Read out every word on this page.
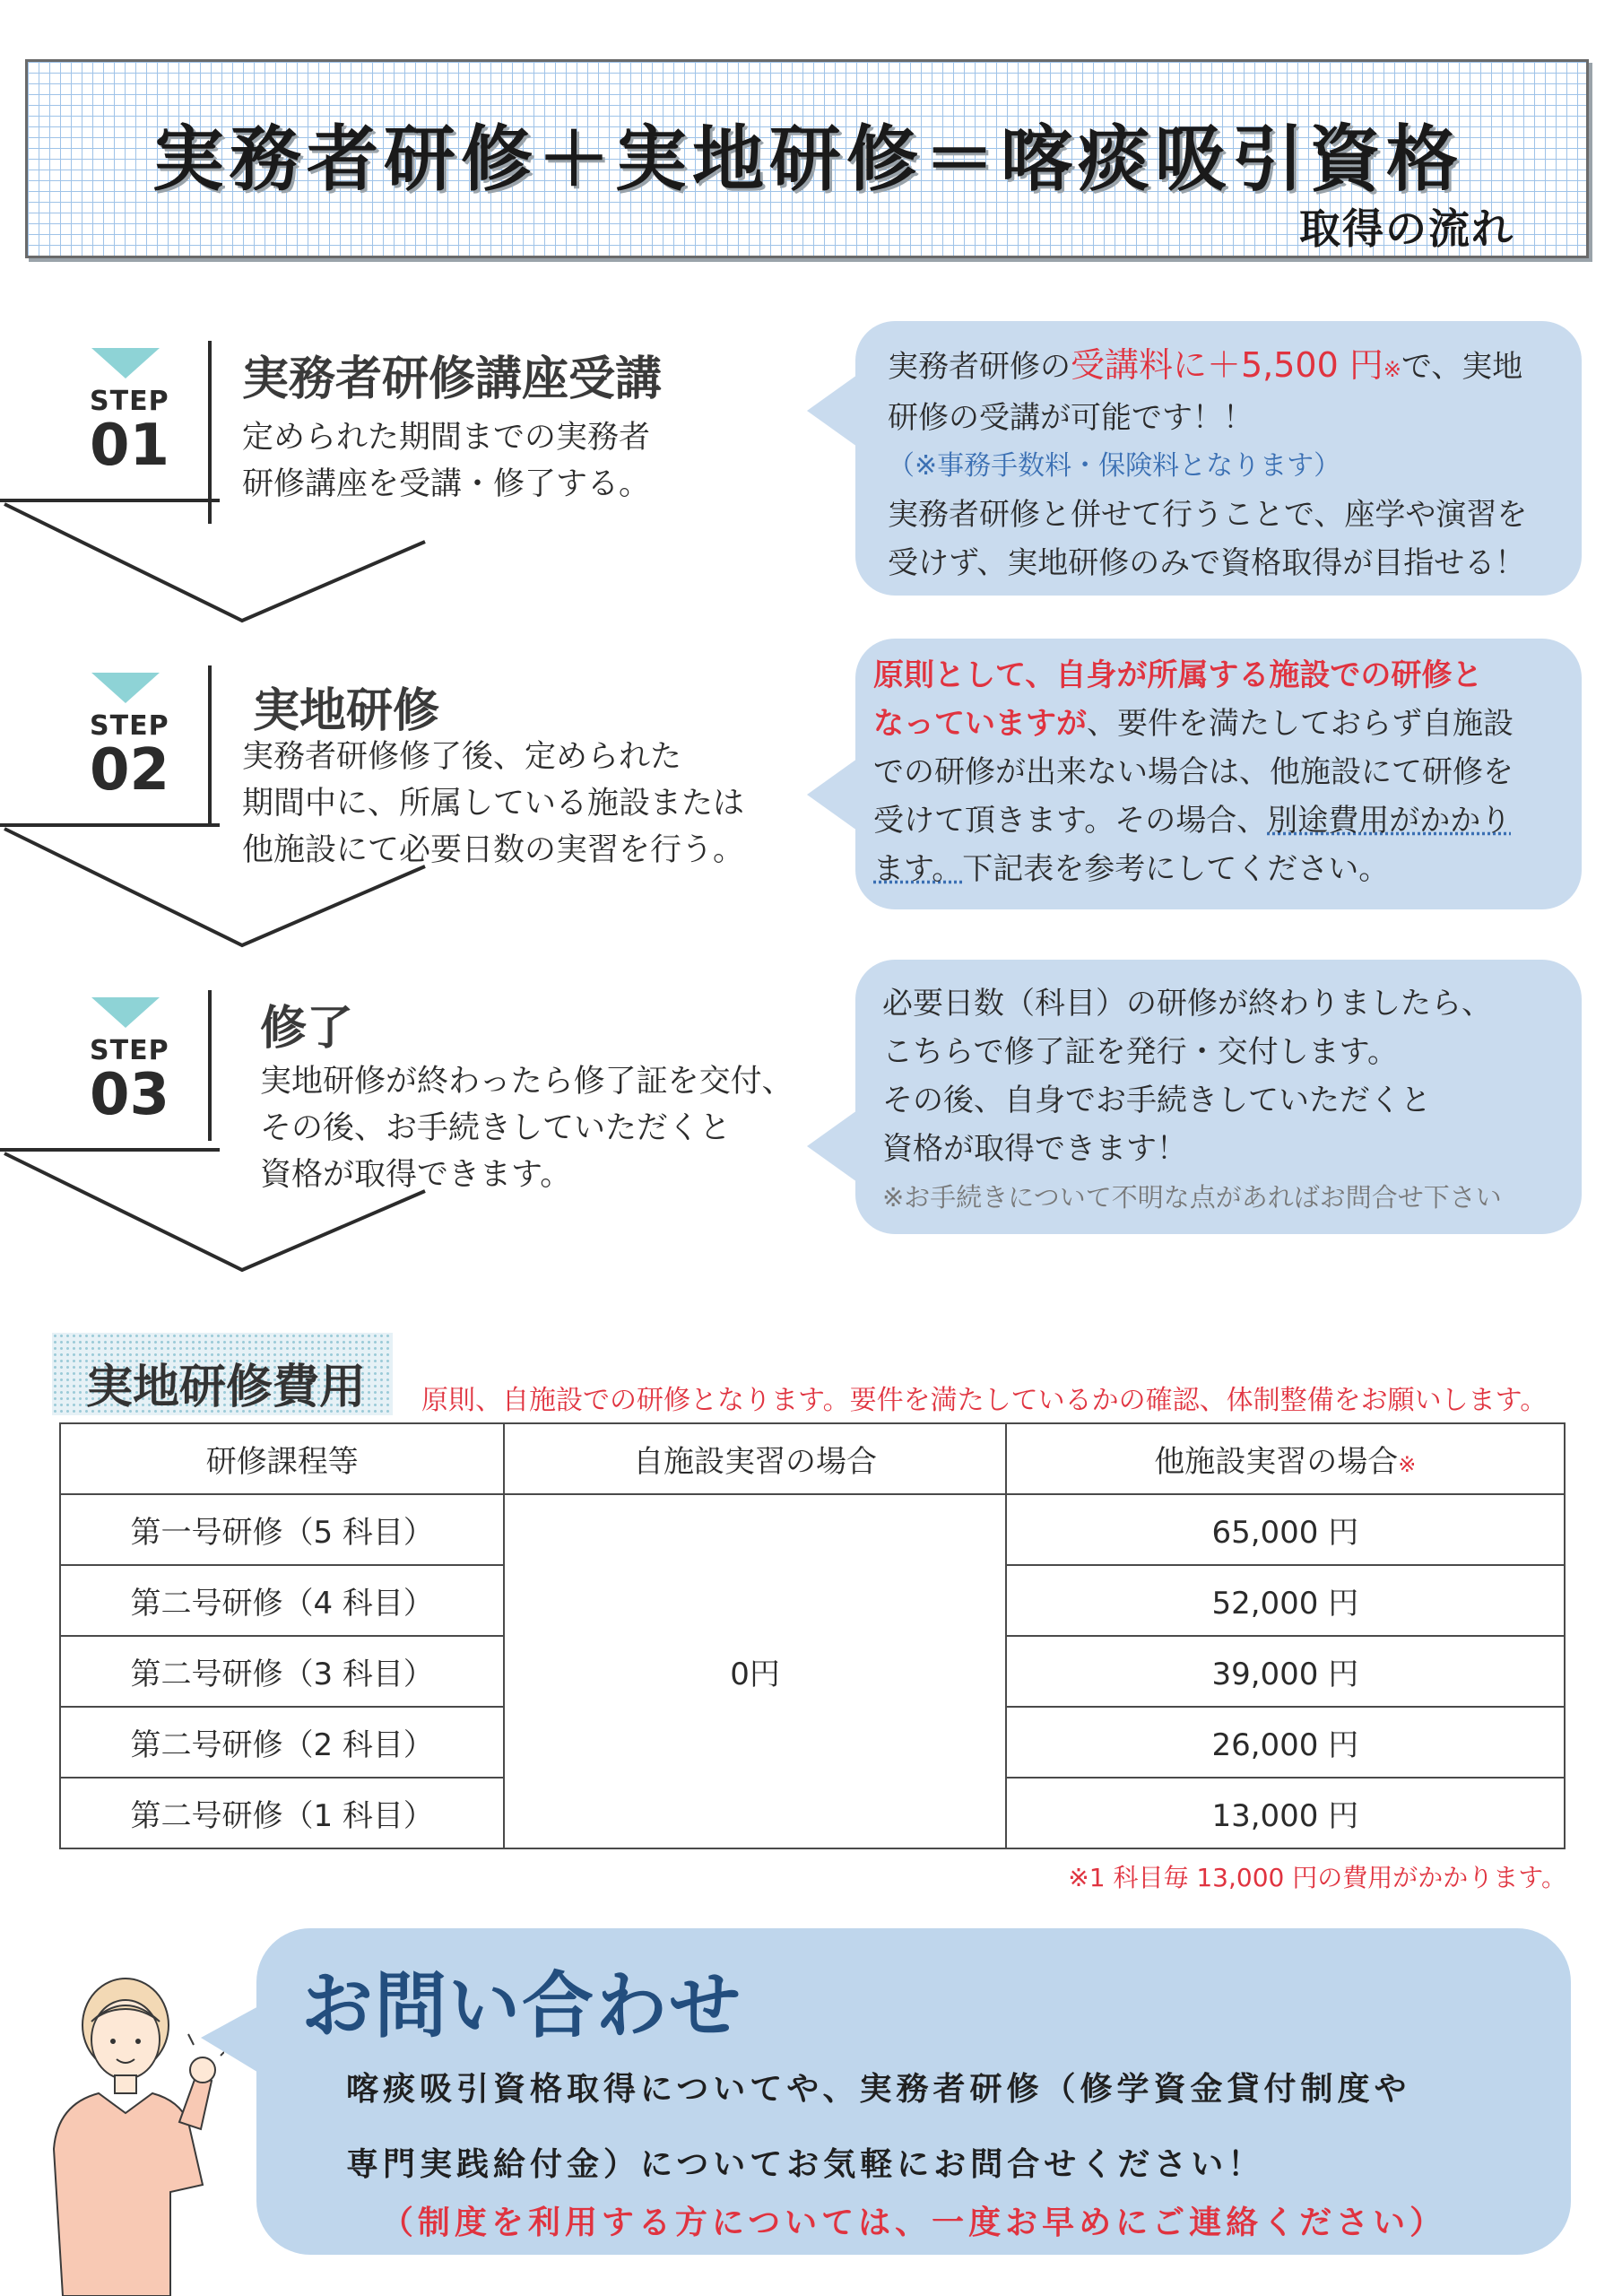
実務者研修＋実地研修＝喀痰吸引資格
取得の流れ
STEP
01
実務者研修講座受講
定められた期間までの実務者
研修講座を受講・修了する。
STEP
02
実地研修
実務者研修修了後、定められた
期間中に、所属している施設または
他施設にて必要日数の実習を行う。
STEP
03
修了
実地研修が終わったら修了証を交付、
その後、お手続きしていただくと
資格が取得できます。
実務者研修の受講料に＋5,500 円※で、実地
研修の受講が可能です！！
（※事務手数料・保険料となります）
実務者研修と併せて行うことで、座学や演習を
受けず、実地研修のみで資格取得が目指せる！
原則として、自身が所属する施設での研修と
なっていますが、要件を満たしておらず自施設
での研修が出来ない場合は、他施設にて研修を
受けて頂きます。その場合、別途費用がかかり
ます。下記表を参考にしてください。
必要日数（科目）の研修が終わりましたら、
こちらで修了証を発行・交付します。
その後、自身でお手続きしていただくと
資格が取得できます！
※お手続きについて不明な点があればお問合せ下さい
実地研修費用 原則、自施設での研修となります。要件を満たしているかの確認、体制整備をお願いします。
研修課程等	自施設実習の場合	他施設実習の場合※
第一号研修（5 科目）	0円	65,000 円
第二号研修（4 科目）		52,000 円
第二号研修（3 科目）		39,000 円
第二号研修（2 科目）		26,000 円
第二号研修（1 科目）		13,000 円
※1 科目毎 13,000 円の費用がかかります。
お問い合わせ
喀痰吸引資格取得についてや、実務者研修（修学資金貸付制度や
専門実践給付金）についてお気軽にお問合せください！
（制度を利用する方については、一度お早めにご連絡ください）
